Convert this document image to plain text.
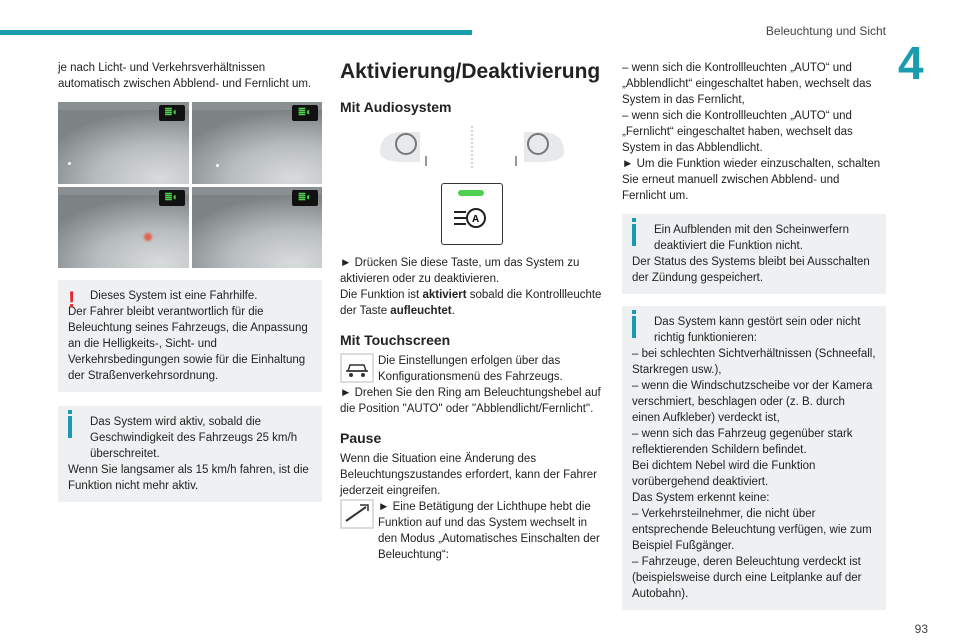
Beleuchtung und Sicht
4
93

je nach Licht- und Verkehrsverhältnissen automatisch zwischen Abblend- und Fernlicht um.

≣◐	≣◐
≣◐	≣◐
!	Dieses System ist eine Fahrhilfe.
Der Fahrer bleibt verantwortlich für die Beleuchtung seines Fahrzeugs, die Anpassung an die Helligkeits-, Sicht- und Verkehrsbedingungen sowie für die Einhaltung der Straßenverkehrsordnung.
Das System wird aktiv, sobald die Geschwindigkeit des Fahrzeugs 25 km/h überschreitet.
Wenn Sie langsamer als 15 km/h fahren, ist die Funktion nicht mehr aktiv.
Aktivierung/Deaktivierung
Mit Audiosystem
A

► Drücken Sie diese Taste, um das System zu aktivieren oder zu deaktivieren.

Die Funktion ist aktiviert sobald die Kontrollleuchte der Taste aufleuchtet.

Mit Touchscreen

Die Einstellungen erfolgen über das Konfigurationsmenü des Fahrzeugs.

► Drehen Sie den Ring am Beleuchtungshebel auf die Position "AUTO" oder "Abblendlicht/Fernlicht".

Pause

Wenn die Situation eine Änderung des Beleuchtungszustandes erfordert, kann der Fahrer jederzeit eingreifen.

► Eine Betätigung der Lichthupe hebt die Funktion auf und das System wechselt in den Modus „Automatisches Einschalten der Beleuchtung“:

– wenn sich die Kontrollleuchten „AUTO“ und „Abblendlicht“ eingeschaltet haben, wechselt das System in das Fernlicht,

– wenn sich die Kontrollleuchten „AUTO“ und „Fernlicht“ eingeschaltet haben, wechselt das System in das Abblendlicht.

► Um die Funktion wieder einzuschalten, schalten Sie erneut manuell zwischen Abblend- und Fernlicht um.

Ein Aufblenden mit den Scheinwerfern deaktiviert die Funktion nicht.
Der Status des Systems bleibt bei Ausschalten der Zündung gespeichert.
Das System kann gestört sein oder nicht richtig funktionieren:
– bei schlechten Sichtverhältnissen (Schneefall, Starkregen usw.),
– wenn die Windschutzscheibe vor der Kamera verschmiert, beschlagen oder (z. B. durch einen Aufkleber) verdeckt ist,
– wenn sich das Fahrzeug gegenüber stark reflektierenden Schildern befindet.
Bei dichtem Nebel wird die Funktion vorübergehend deaktiviert.
Das System erkennt keine:
– Verkehrsteilnehmer, die nicht über entsprechende Beleuchtung verfügen, wie zum Beispiel Fußgänger.
– Fahrzeuge, deren Beleuchtung verdeckt ist (beispielsweise durch eine Leitplanke auf der Autobahn).
